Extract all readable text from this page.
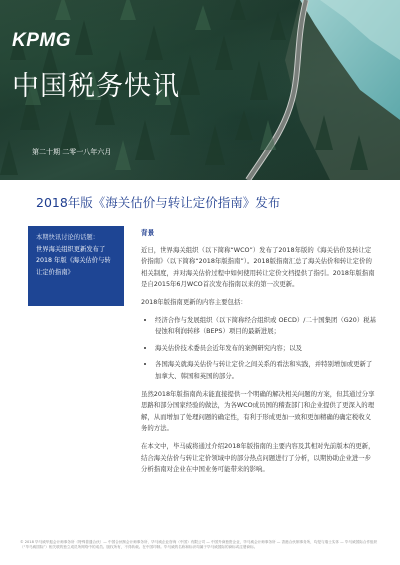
KPMG
中国税务快讯
第二十期 二零一八年六月
2018年版《海关估价与转让定价指南》发布
本期快讯讨论的话题：
世界海关组织更新发布了2018 年版《海关估价与转让定价指南》
背景

近日，世界海关组织（以下简称“WCO”）发布了2018年版的《海关估价及转让定价指南》（以下简称“2018年版指南”）。2018版指南汇总了海关估价和转让定价的相关制度，并对海关估价过程中如何使用转让定价文档提供了指引。2018年版指南是自2015年6月WCO首次发布指南以来的第一次更新。

2018年版指南更新的内容主要包括：

• 经济合作与发展组织（以下简称经合组织或 OECD）/二十国集团（G20）税基侵蚀和利润转移（BEPS）项目的最新进展；
• 海关估价技术委员会近年发布的案例研究内容；以及
• 各国海关就海关估价与转让定价之间关系的看法和实践，并特别增加或更新了加拿大、韩国和英国的部分。

虽然2018年版指南尚未能直接提供一个明确的解决相关问题的方案，但其通过分享思路和部分国家经验的做法，为各WCO成员国的稽查部门和企业提供了更深入的理解，从而增加了处理问题的确定性，有利于形成更加一致和更加精确的确定税收义务的方法。

在本文中，毕马威将通过介绍2018年版指南的主要内容及其相对先前版本的更新，结合海关估价与转让定价领域中的部分热点问题进行了分析，以期协助企业进一步分析指南对企业在中国业务可能带来的影响。

© 2018 毕马威华振会计师事务所（特殊普通合伙）— 中国合伙制会计师事务所，毕马威企业咨询（中国）有限公司 — 中国外商独资企业，毕马威会计师事务所 — 香港合伙制事务所，均是与瑞士实体 — 毕马威国际合作组织（“毕马威国际”）相关联的独立成员所网络中的成员。版权所有，不得转载。在中国印制。毕马威的名称和标识均属于毕马威国际的商标或注册商标。
